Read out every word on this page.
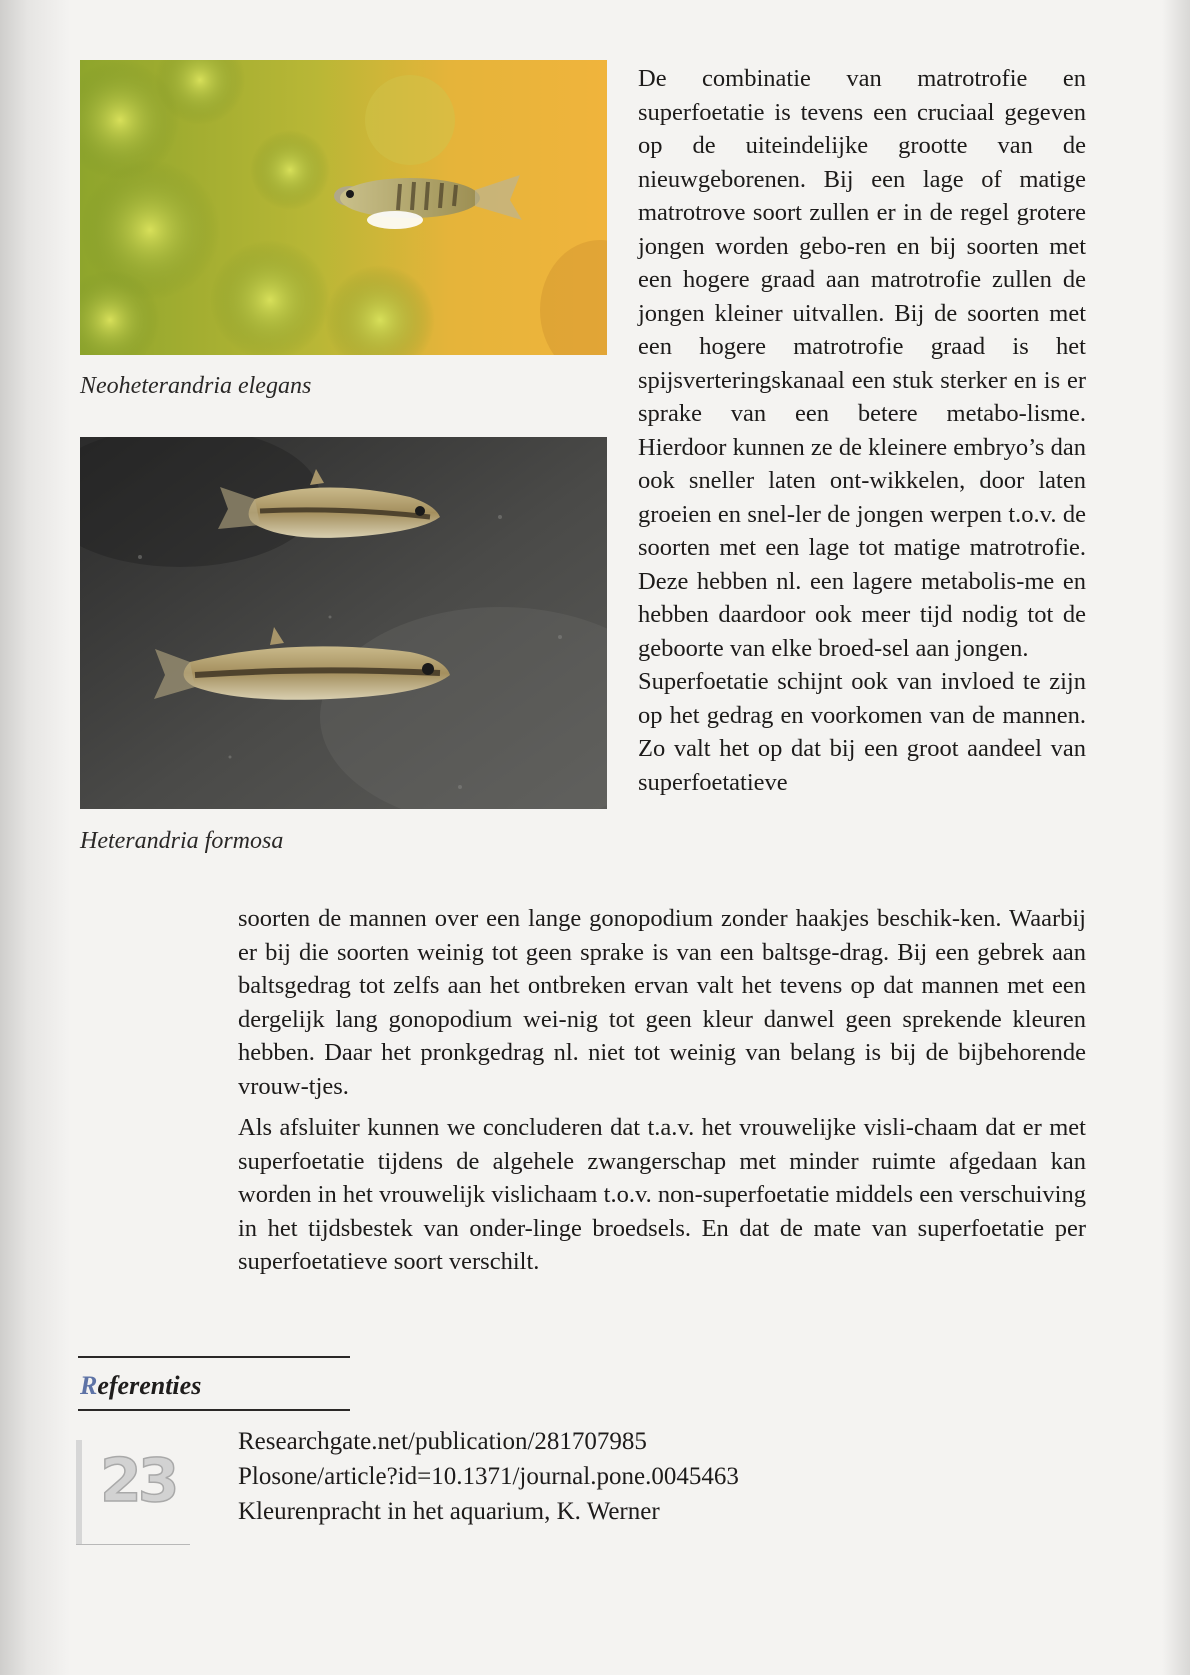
Neoheterandria elegans
Heterandria formosa

De combinatie van matrotrofie en superfoetatie is tevens een cruciaal gegeven op de uiteindelijke grootte van de nieuwgeborenen. Bij een lage of matige matrotrove soort zullen er in de regel grotere jongen worden gebo-ren en bij soorten met een hogere graad aan matrotrofie zullen de jongen kleiner uitvallen. Bij de soorten met een hogere matrotrofie graad is het spijsverteringskanaal een stuk sterker en is er sprake van een betere metabo-lisme. Hierdoor kunnen ze de kleinere embryo’s dan ook sneller laten ont-wikkelen, door laten groeien en snel-ler de jongen werpen t.o.v. de soorten met een lage tot matige matrotrofie. Deze hebben nl. een lagere metabolis-me en hebben daardoor ook meer tijd nodig tot de geboorte van elke broed-sel aan jongen.

Superfoetatie schijnt ook van invloed te zijn op het gedrag en voorkomen van de mannen. Zo valt het op dat bij een groot aandeel van superfoetatieve

soorten de mannen over een lange gonopodium zonder haakjes beschik-ken. Waarbij er bij die soorten weinig tot geen sprake is van een baltsge-drag. Bij een gebrek aan baltsgedrag tot zelfs aan het ontbreken ervan valt het tevens op dat mannen met een dergelijk lang gonopodium wei-nig tot geen kleur danwel geen sprekende kleuren hebben. Daar het pronkgedrag nl. niet tot weinig van belang is bij de bijbehorende vrouw-tjes.

Als afsluiter kunnen we concluderen dat t.a.v. het vrouwelijke visli-chaam dat er met superfoetatie tijdens de algehele zwangerschap met minder ruimte afgedaan kan worden in het vrouwelijk vislichaam t.o.v. non-superfoetatie middels een verschuiving in het tijdsbestek van onder-linge broedsels. En dat de mate van superfoetatie per superfoetatieve soort verschilt.

Referenties
Researchgate.net/publication/281707985
Plosone/article?id=10.1371/journal.pone.0045463
Kleurenpracht in het aquarium, K. Werner
23
